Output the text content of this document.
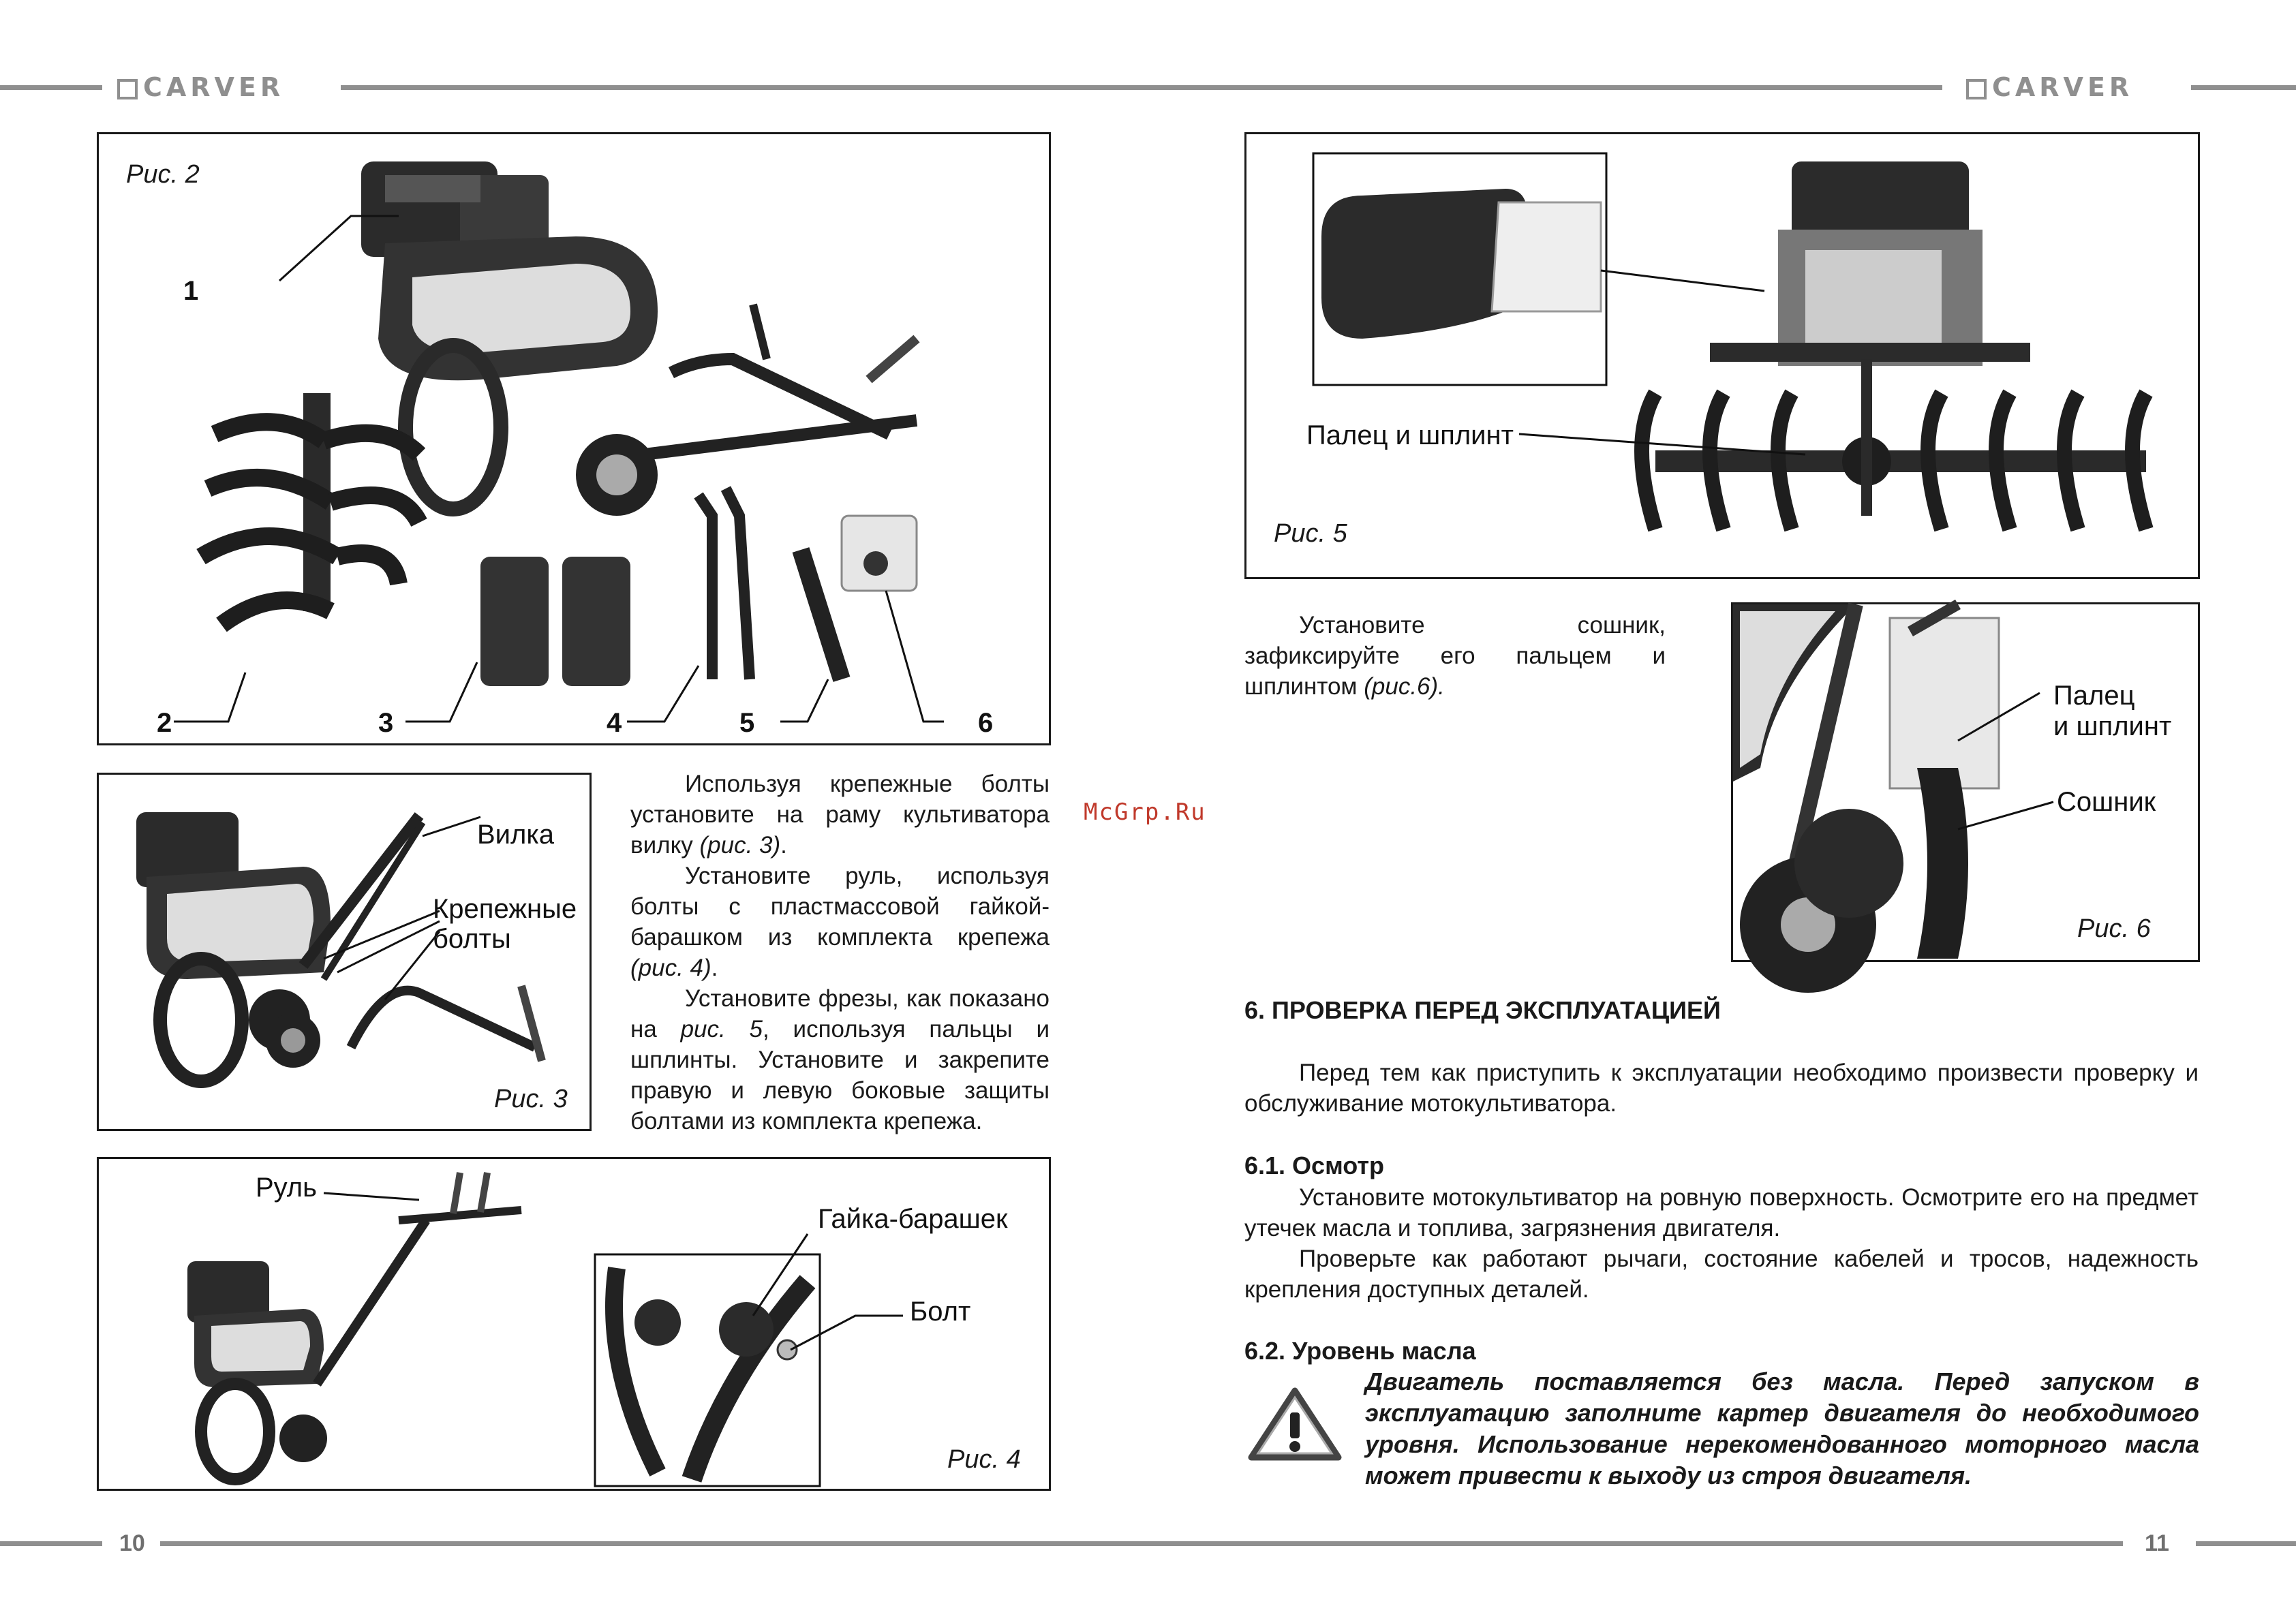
CARVER	CARVER
Рис. 2
1
2	3	4	5	6
Вилка
Крепежные болты
Рис. 3

Используя крепежные болты установите на раму культиватора вилку (рис. 3).

Установите руль, используя болты с пластмассовой гайкой-барашком из комплекта крепежа (рис. 4).

Установите фрезы, как показано на рис. 5, используя пальцы и шплинты. Установите и закрепите правую и левую боковые защиты болтами из комплекта крепежа.

Руль
Гайка-барашек
Болт
Рис. 4
McGrp.Ru
Палец и шплинт
Рис. 5

Установите сошник, зафиксируйте его пальцем и шплинтом (рис.6).	Палец
и шплинт
Сошник
Рис. 6
6. ПРОВЕРКА ПЕРЕД ЭКСПЛУАТАЦИЕЙ

Перед тем как приступить к эксплуатации необходимо произвести проверку и обслуживание мотокультиватора.

6.1. Осмотр

Установите мотокультиватор на ровную поверхность. Осмотрите его на предмет утечек масла и топлива, загрязнения двигателя.

Проверьте как работают рычаги, состояние кабелей и тросов, надежность крепления доступных деталей.

6.2. Уровень масла
Двигатель поставляется без масла. Перед запуском в эксплуатацию заполните картер двигателя до необходимого уровня. Использование нерекомендованного моторного масла может привести к выходу из строя двигателя.
10	11
